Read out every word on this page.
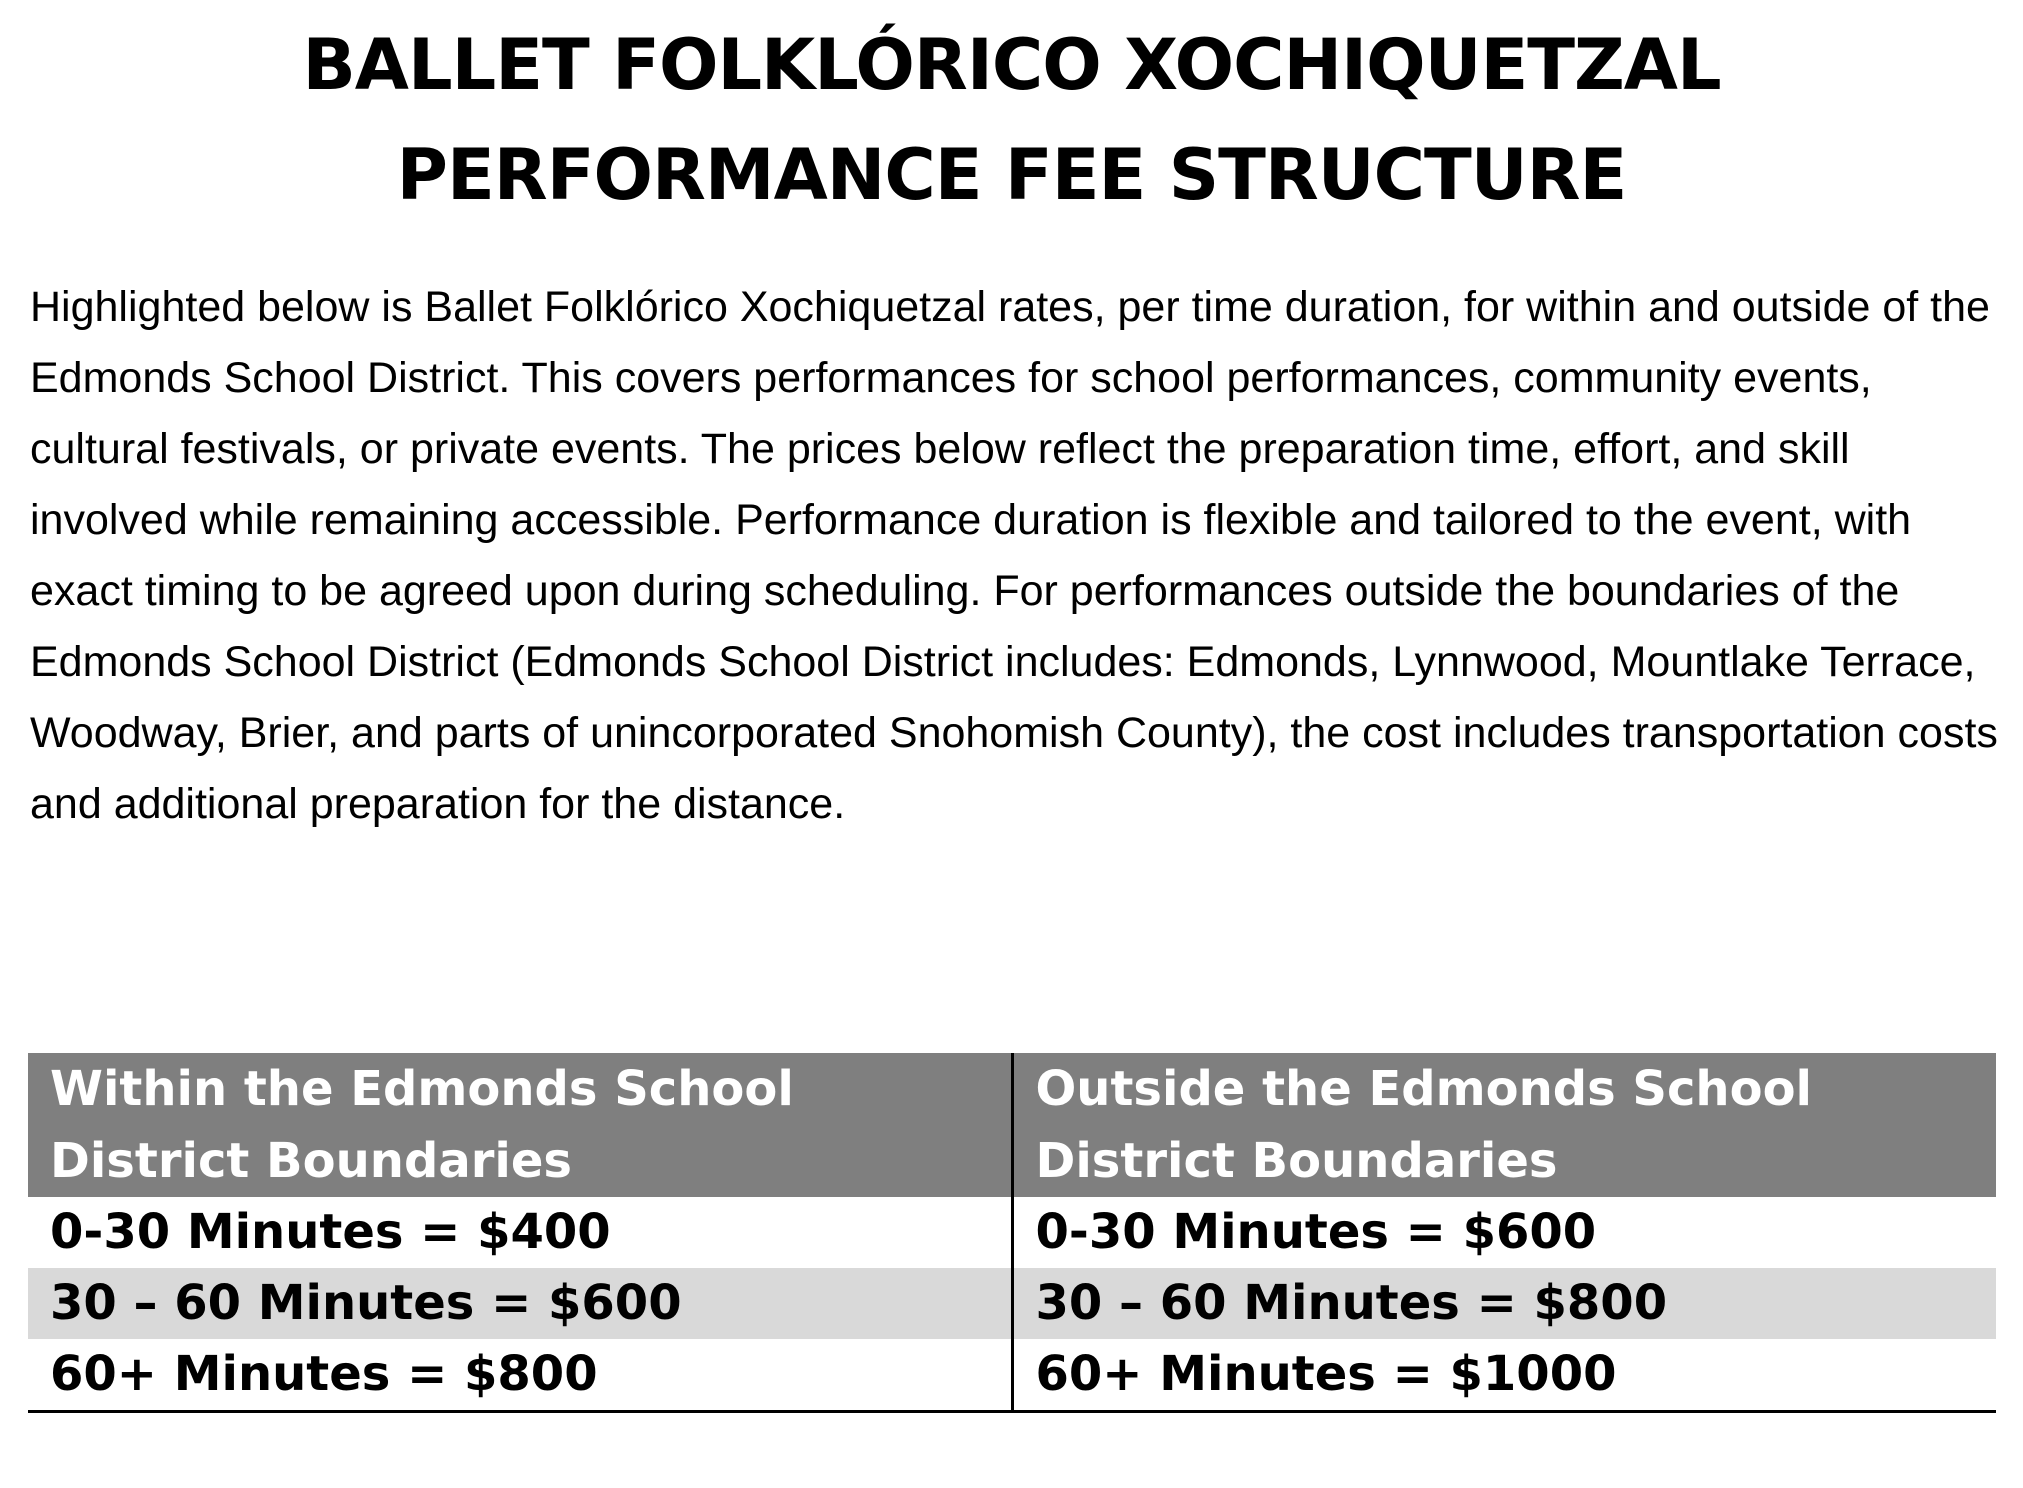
BALLET FOLKLÓRICO XOCHIQUETZAL
PERFORMANCE FEE STRUCTURE

Highlighted below is Ballet Folklórico Xochiquetzal rates, per time duration, for within and outside of the Edmonds School District. This covers performances for school performances, community events, cultural festivals, or private events. The prices below reflect the preparation time, effort, and skill involved while remaining accessible. Performance duration is flexible and tailored to the event, with exact timing to be agreed upon during scheduling. For performances outside the boundaries of the Edmonds School District (Edmonds School District includes: Edmonds, Lynnwood, Mountlake Terrace, Woodway, Brier, and parts of unincorporated Snohomish County), the cost includes transportation costs and additional preparation for the distance.

Within the Edmonds School District Boundaries	Outside the Edmonds School District Boundaries
0-30 Minutes = $400	0-30 Minutes = $600
30 – 60 Minutes = $600	30 – 60 Minutes = $800
60+ Minutes = $800	60+ Minutes = $1000
